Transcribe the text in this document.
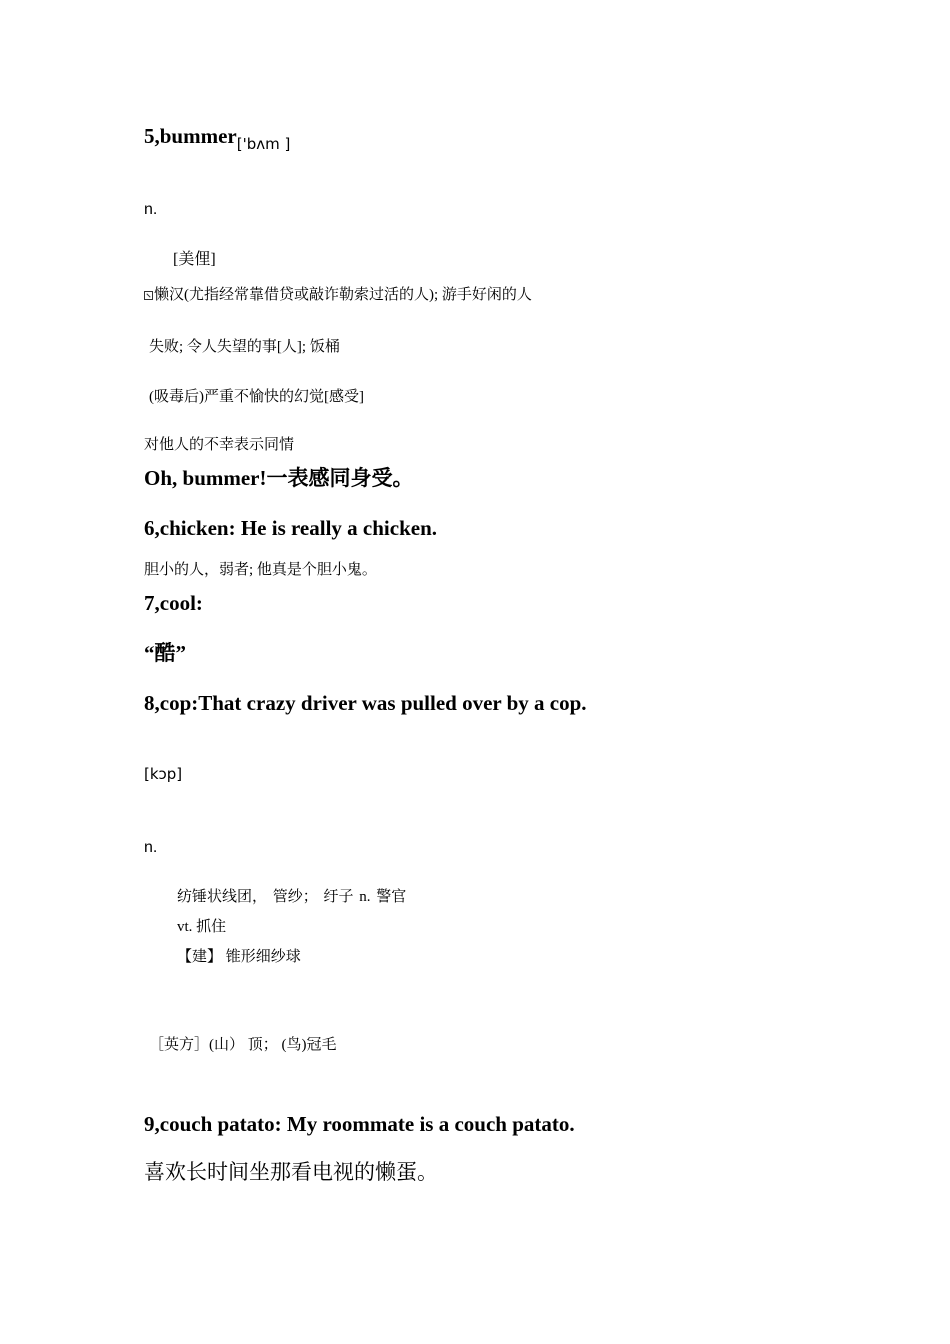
5,bummer$_{['bʌm ]}$
n.
[美俚]
懒汉(尤指经常靠借贷或敲诈勒索过活的人); 游手好闲的人
失败; 令人失望的事[人]; 饭桶
(吸毒后)严重不愉快的幻觉[感受]
对他人的不幸表示同情
Oh, bummer!一表感同身受。
6,chicken: He is really a chicken.
胆小的人，弱者; 他真是个胆小鬼。
7,cool:
“酷”
8,cop:That crazy driver was pulled over by a cop.
[kɔp]
n.
纺锤状线团， 管纱； 纡子 n. 警官
vt. 抓住
【建】 锥形细纱球
［英方］(山） 顶； (鸟)冠毛
9,couch patato: My roommate is a couch patato.
喜欢长时间坐那看电视的懒蛋。
